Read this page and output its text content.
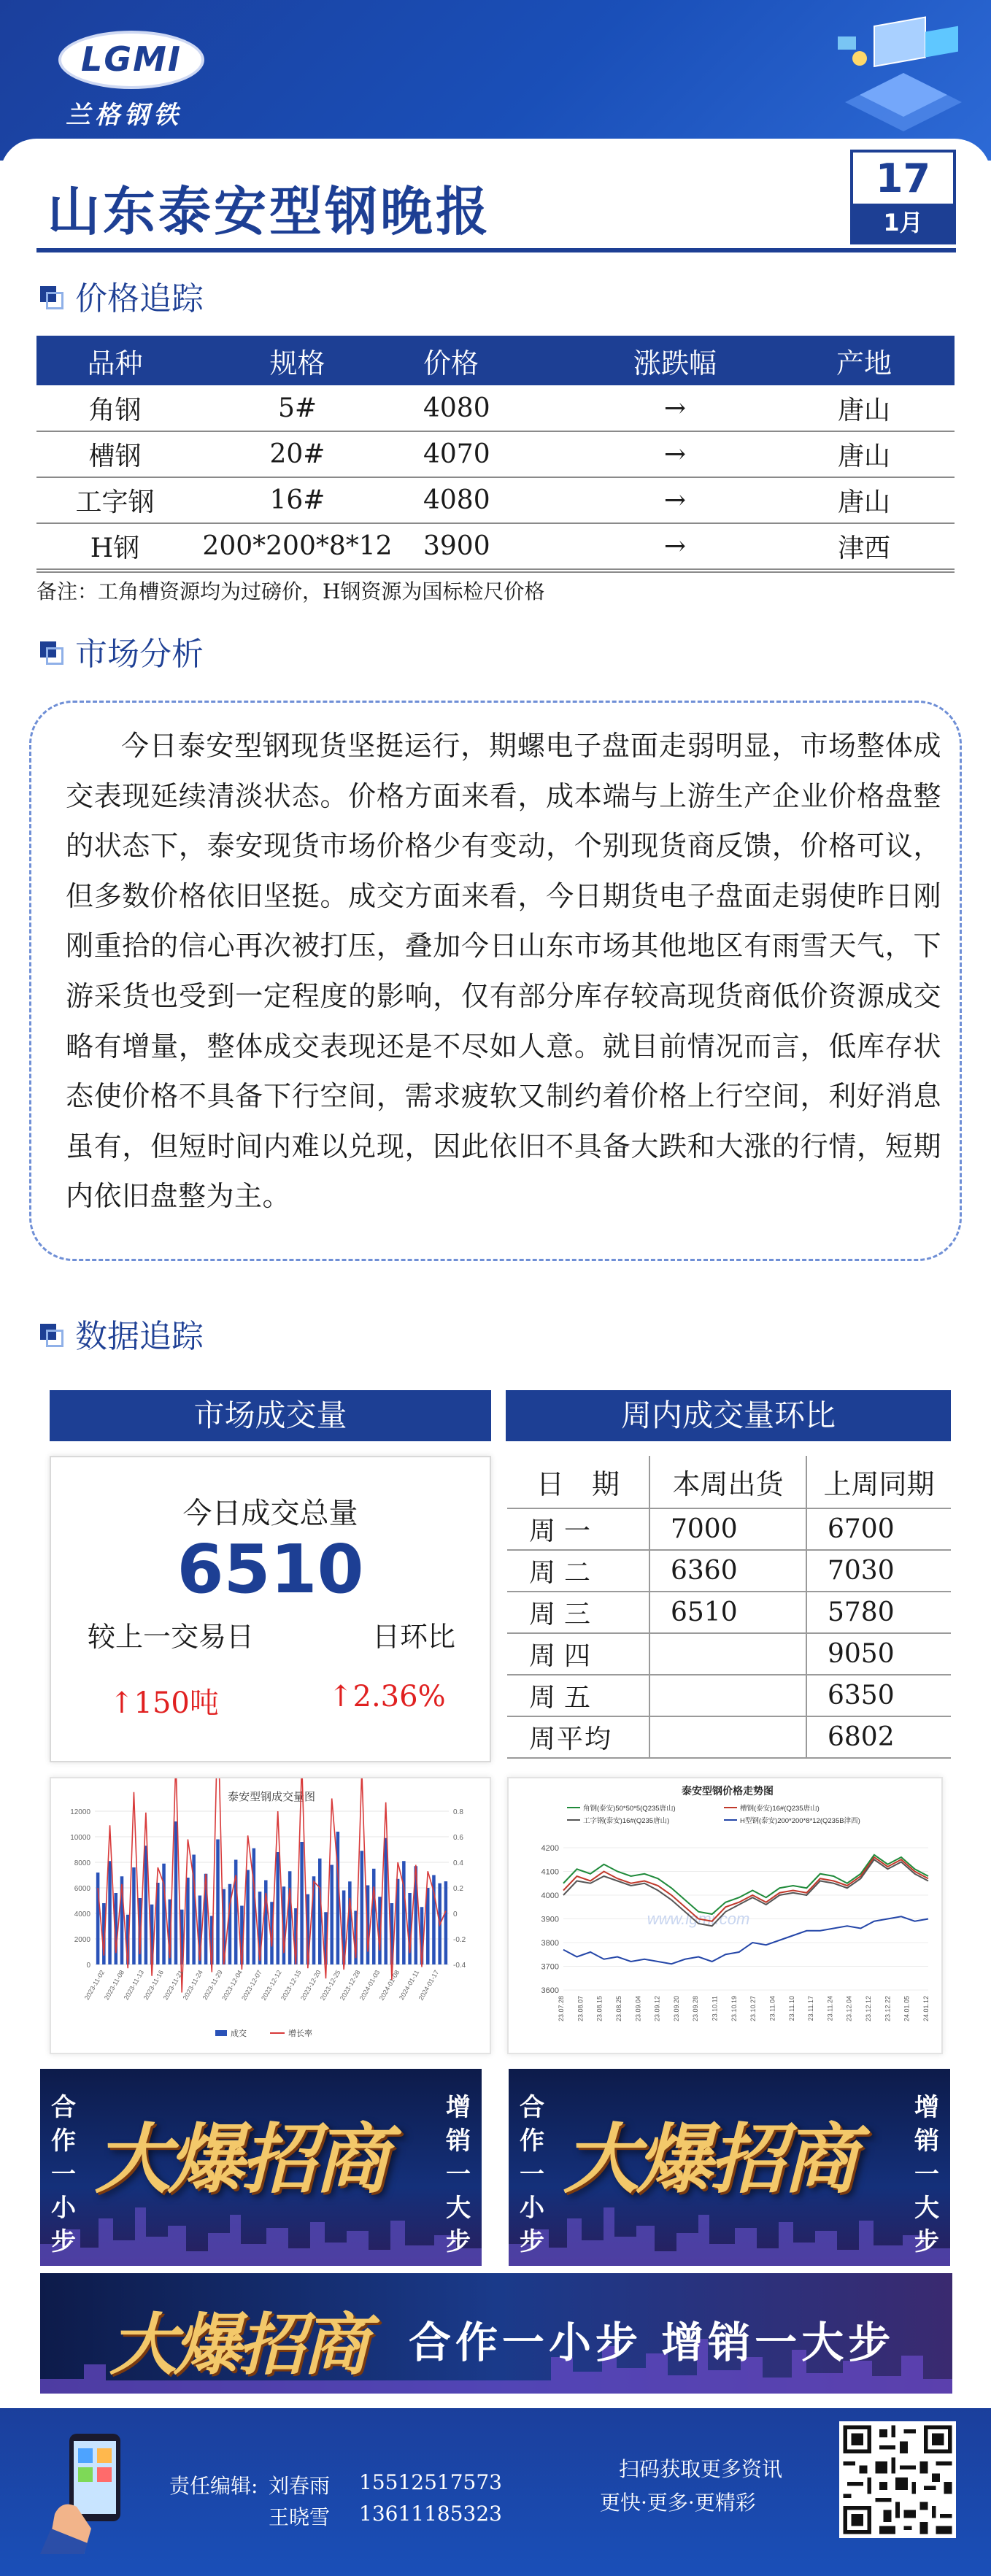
LGMI
兰格钢铁
山东泰安型钢晚报
17
1月
价格追踪
品种	规格	价格	涨跌幅	产地
角钢	5#	4080	→	唐山
槽钢	20#	4070	→	唐山
工字钢	16#	4080	→	唐山
H钢	200*200*8*12	3900	→	津西
备注：工角槽资源均为过磅价，H钢资源为国标检尺价格
市场分析

今日泰安型钢现货坚挺运行，期螺电子盘面走弱明显，市场整体成交表现延续清淡状态。价格方面来看，成本端与上游生产企业价格盘整的状态下，泰安现货市场价格少有变动，个别现货商反馈，价格可议，但多数价格依旧坚挺。成交方面来看，今日期货电子盘面走弱使昨日刚刚重拾的信心再次被打压，叠加今日山东市场其他地区有雨雪天气，下游采货也受到一定程度的影响，仅有部分库存较高现货商低价资源成交略有增量，整体成交表现还是不尽如人意。就目前情况而言，低库存状态使价格不具备下行空间，需求疲软又制约着价格上行空间，利好消息虽有，但短时间内难以兑现，因此依旧不具备大跌和大涨的行情，短期内依旧盘整为主。

数据追踪
市场成交量	周内成交量环比
今日成交总量
6510
较上一交易日	日环比
↑150吨	↑2.36%
日　期	本周出货	上周同期
周一	7000	6700
周二	6360	7030
周三	6510	5780
周四		9050
周五		6350
周平均		6802
泰安型钢成交量图
0
2000
4000
6000
8000
10000
12000
-0.4
-0.2
0
0.2
0.4
0.6
0.8
2023-11-02
2023-11-08
2023-11-13
2023-11-16
2023-11-21
2023-11-24
2023-11-29
2023-12-04
2023-12-07
2023-12-12
2023-12-15
2023-12-20
2023-12-25
2023-12-28
2024-01-03
2024-01-08
2024-01-11
2024-01-17
成交	增长率
泰安型钢价格走势图
角钢(泰安)50*50*5(Q235唐山)	槽钢(泰安)16#(Q235唐山)
工字钢(泰安)16#(Q235唐山)	H型钢(泰安)200*200*8*12(Q235B津西)
3600
3700
3800
3900
4000
4100
4200
www.lgmi.com
23.07.28 23.08.07 23.08.15 23.08.25 23.09.04 23.09.12 23.09.20 23.09.28 23.10.11 23.10.19 23.10.27 23.11.04 23.11.10 23.11.17 23.11.24 23.12.04 23.12.12 23.12.22 24.01.05 24.01.12
合作一小步
增销一大步
大爆招商
合作一小步
增销一大步
大爆招商
大爆招商 合作一小步 增销一大步
责任编辑: 刘春雨 15512517573
王晓雪 13611185323
扫码获取更多资讯
更快·更多·更精彩
